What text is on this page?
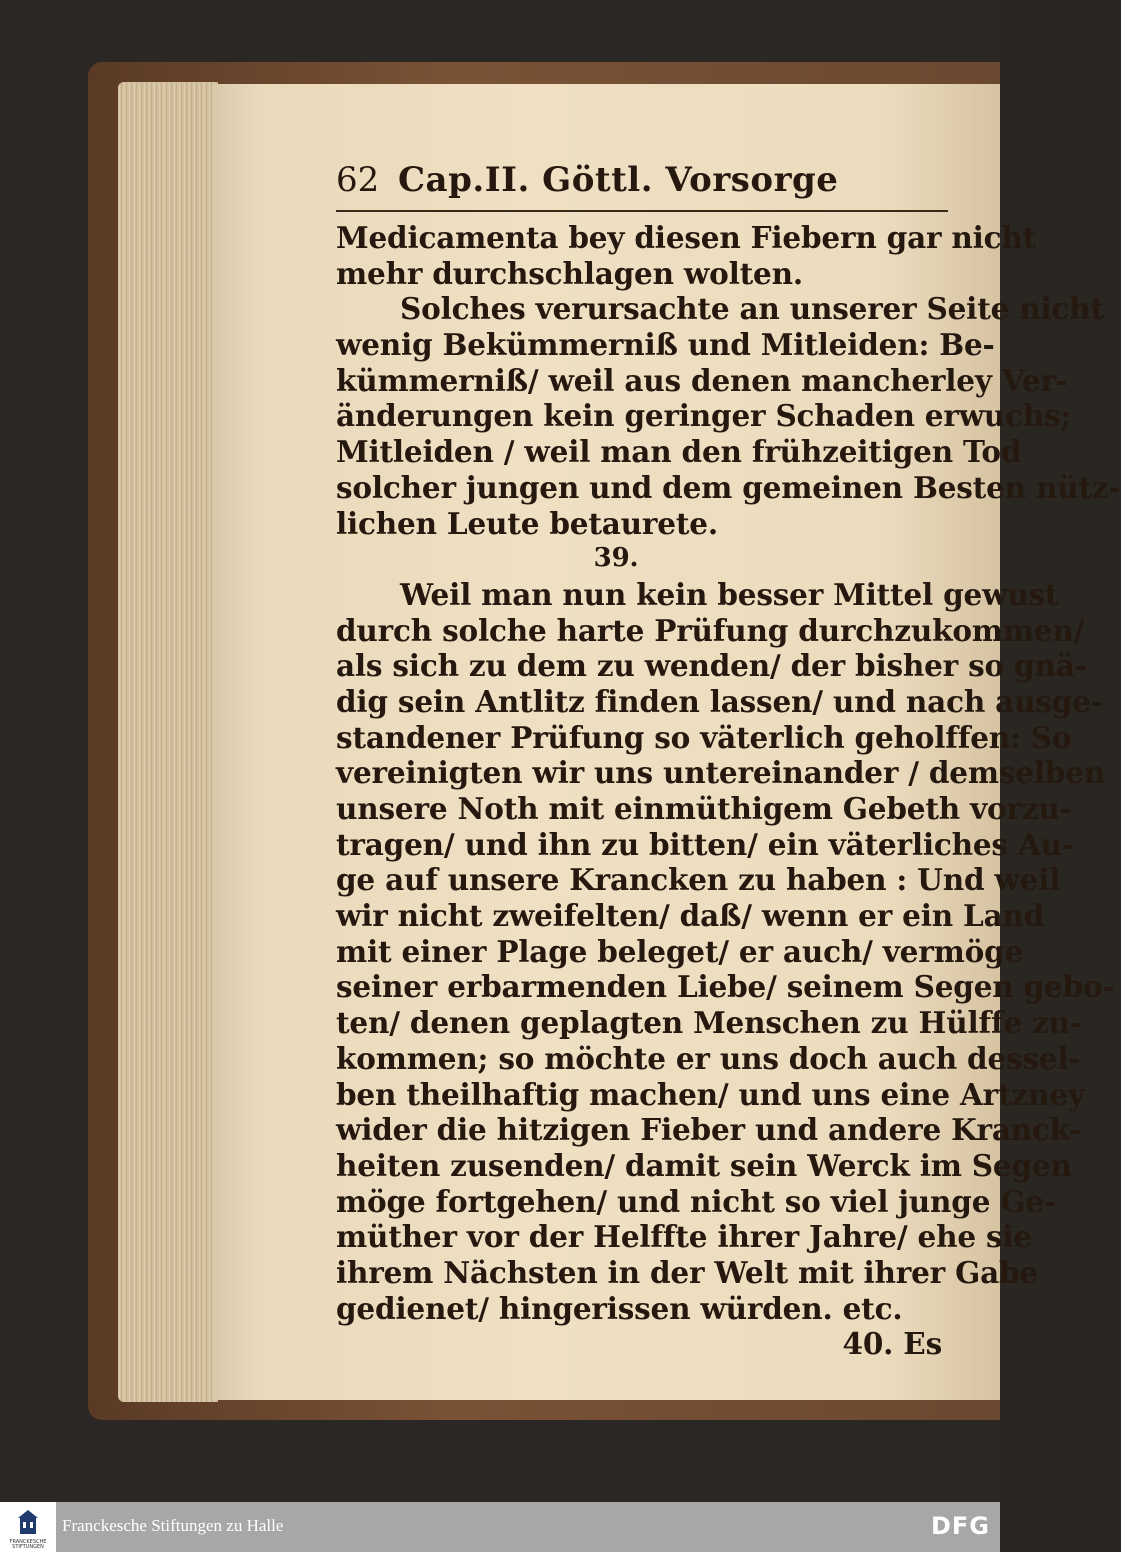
62 Cap.II. Göttl. Vorsorge
Medicamenta bey diesen Fiebern gar nicht
mehr durchschlagen wolten.
Solches verursachte an unserer Seite nicht
wenig Bekümmerniß und Mitleiden: Be-
kümmerniß/ weil aus denen mancherley Ver-
änderungen kein geringer Schaden erwuchs;
Mitleiden / weil man den frühzeitigen Tod
solcher jungen und dem gemeinen Besten nütz-
lichen Leute betaurete.
39.
Weil man nun kein besser Mittel gewust
durch solche harte Prüfung durchzukommen/
als sich zu dem zu wenden/ der bisher so gnä-
dig sein Antlitz finden lassen/ und nach ausge-
standener Prüfung so väterlich geholffen: So
vereinigten wir uns untereinander / demselben
unsere Noth mit einmüthigem Gebeth vorzu-
tragen/ und ihn zu bitten/ ein väterliches Au-
ge auf unsere Krancken zu haben : Und weil
wir nicht zweifelten/ daß/ wenn er ein Land
mit einer Plage beleget/ er auch/ vermöge
seiner erbarmenden Liebe/ seinem Segen gebo-
ten/ denen geplagten Menschen zu Hülffe zu-
kommen; so möchte er uns doch auch dessel-
ben theilhaftig machen/ und uns eine Artzney
wider die hitzigen Fieber und andere Kranck-
heiten zusenden/ damit sein Werck im Segen
möge fortgehen/ und nicht so viel junge Ge-
müther vor der Helffte ihrer Jahre/ ehe sie
ihrem Nächsten in der Welt mit ihrer Gabe
gedienet/ hingerissen würden. etc.
40. Es
FRANCKESCHE STIFTUNGEN
Franckesche Stiftungen zu Halle	DFG
